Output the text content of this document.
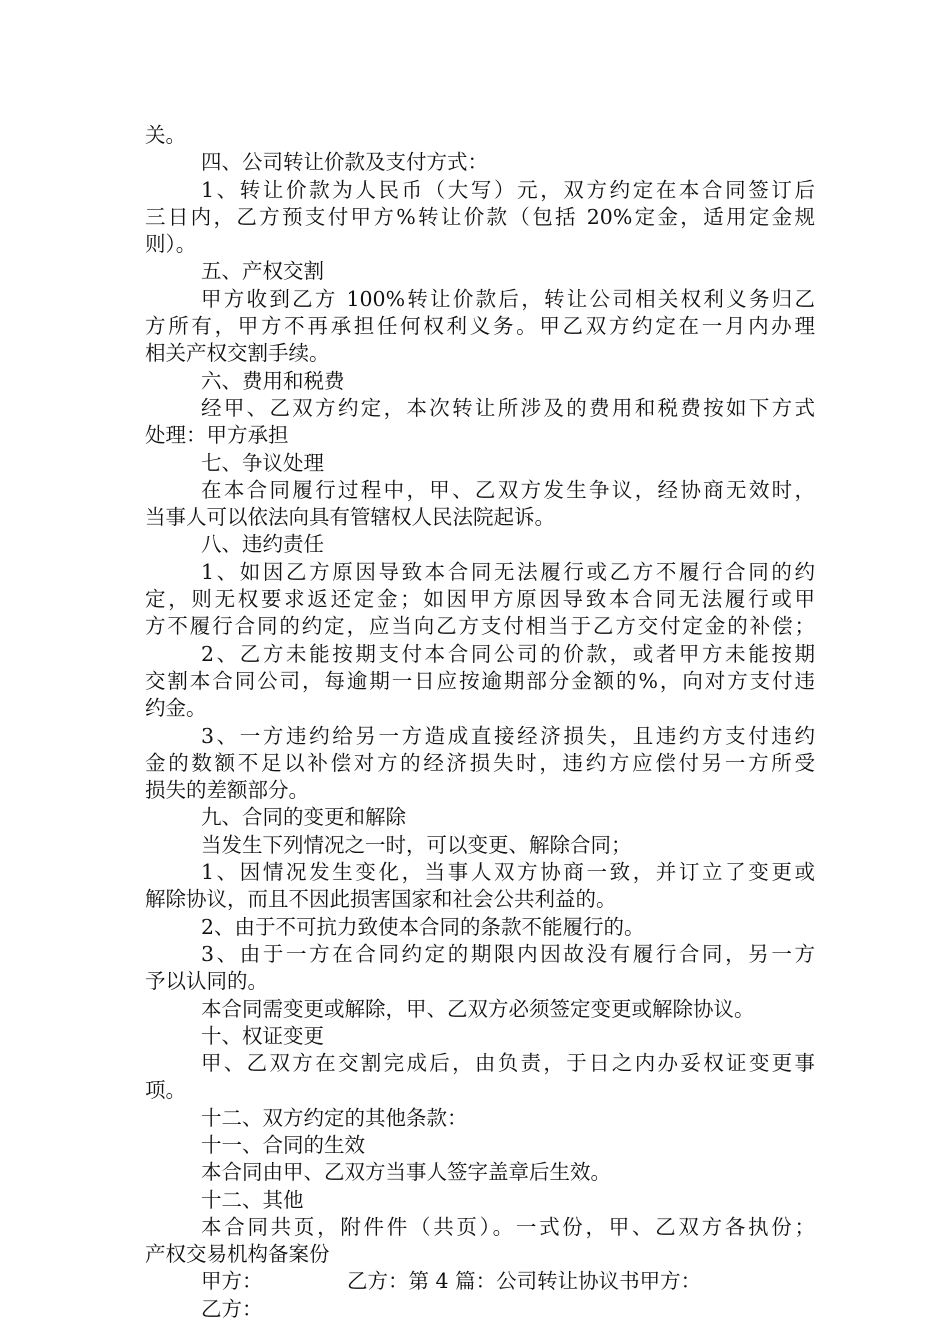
关。
四、公司转让价款及支付方式：
1、转让价款为人民币（大写）元，双方约定在本合同签订后
三日内，乙方预支付甲方%转让价款（包括 20%定金，适用定金规
则）。
五、产权交割
甲方收到乙方 100%转让价款后，转让公司相关权利义务归乙
方所有，甲方不再承担任何权利义务。甲乙双方约定在一月内办理
相关产权交割手续。
六、费用和税费
经甲、乙双方约定，本次转让所涉及的费用和税费按如下方式
处理：甲方承担
七、争议处理
在本合同履行过程中，甲、乙双方发生争议，经协商无效时，
当事人可以依法向具有管辖权人民法院起诉。
八、违约责任
1、如因乙方原因导致本合同无法履行或乙方不履行合同的约
定，则无权要求返还定金；如因甲方原因导致本合同无法履行或甲
方不履行合同的约定，应当向乙方支付相当于乙方交付定金的补偿；
2、乙方未能按期支付本合同公司的价款，或者甲方未能按期
交割本合同公司，每逾期一日应按逾期部分金额的%，向对方支付违
约金。
3、一方违约给另一方造成直接经济损失，且违约方支付违约
金的数额不足以补偿对方的经济损失时，违约方应偿付另一方所受
损失的差额部分。
九、合同的变更和解除
当发生下列情况之一时，可以变更、解除合同；
1、因情况发生变化，当事人双方协商一致，并订立了变更或
解除协议，而且不因此损害国家和社会公共利益的。
2、由于不可抗力致使本合同的条款不能履行的。
3、由于一方在合同约定的期限内因故没有履行合同，另一方
予以认同的。
本合同需变更或解除，甲、乙双方必须签定变更或解除协议。
十、权证变更
甲、乙双方在交割完成后，由负责，于日之内办妥权证变更事
项。
十二、双方约定的其他条款：
十一、合同的生效
本合同由甲、乙双方当事人签字盖章后生效。
十二、其他
本合同共页，附件件（共页）。一式份，甲、乙双方各执份；
产权交易机构备案份
甲方：	乙方：第 4 篇：公司转让协议书甲方：
乙方：
